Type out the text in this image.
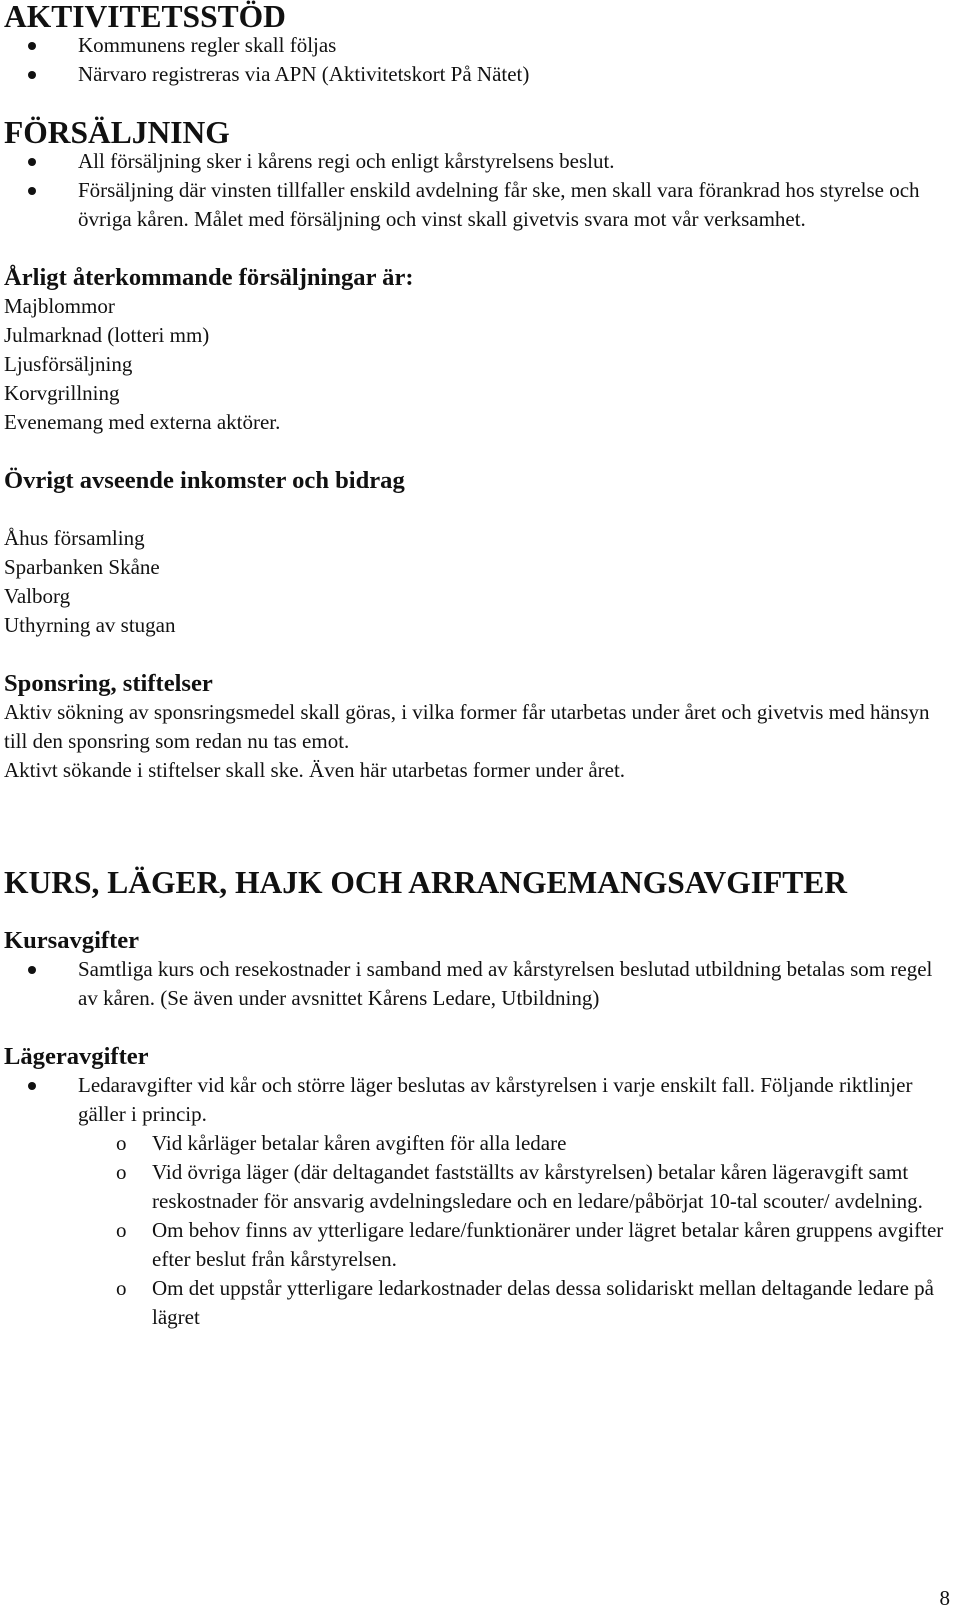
AKTIVITETSSTÖD
Kommunens regler skall följas
Närvaro registreras via APN (Aktivitetskort På Nätet)
FÖRSÄLJNING
All försäljning sker i kårens regi och enligt kårstyrelsens beslut.
Försäljning där vinsten tillfaller enskild avdelning får ske, men skall vara förankrad hos styrelse och övriga kåren. Målet med försäljning och vinst skall givetvis svara mot vår verksamhet.
Årligt återkommande försäljningar är:

Majblommor

Julmarknad (lotteri mm)

Ljusförsäljning

Korvgrillning

Evenemang med externa aktörer.

Övrigt avseende inkomster och bidrag

Åhus församling

Sparbanken Skåne

Valborg

Uthyrning av stugan

Sponsring, stiftelser

Aktiv sökning av sponsringsmedel skall göras, i vilka former får utarbetas under året och givetvis med hänsyn till den sponsring som redan nu tas emot.

Aktivt sökande i stiftelser skall ske. Även här utarbetas former under året.

KURS, LÄGER, HAJK OCH ARRANGEMANGSAVGIFTER
Kursavgifter
Samtliga kurs och resekostnader i samband med av kårstyrelsen beslutad utbildning betalas som regel av kåren. (Se även under avsnittet Kårens Ledare, Utbildning)
Lägeravgifter
Ledaravgifter vid kår och större läger beslutas av kårstyrelsen i varje enskilt fall. Följande riktlinjer gäller i princip.
o Vid kårläger betalar kåren avgiften för alla ledare
o Vid övriga läger (där deltagandet fastställts av kårstyrelsen) betalar kåren lägeravgift samt reskostnader för ansvarig avdelningsledare och en ledare/påbörjat 10-tal scouter/ avdelning.
o Om behov finns av ytterligare ledare/funktionärer under lägret betalar kåren gruppens avgifter efter beslut från kårstyrelsen.
o Om det uppstår ytterligare ledarkostnader delas dessa solidariskt mellan deltagande ledare på lägret
8
